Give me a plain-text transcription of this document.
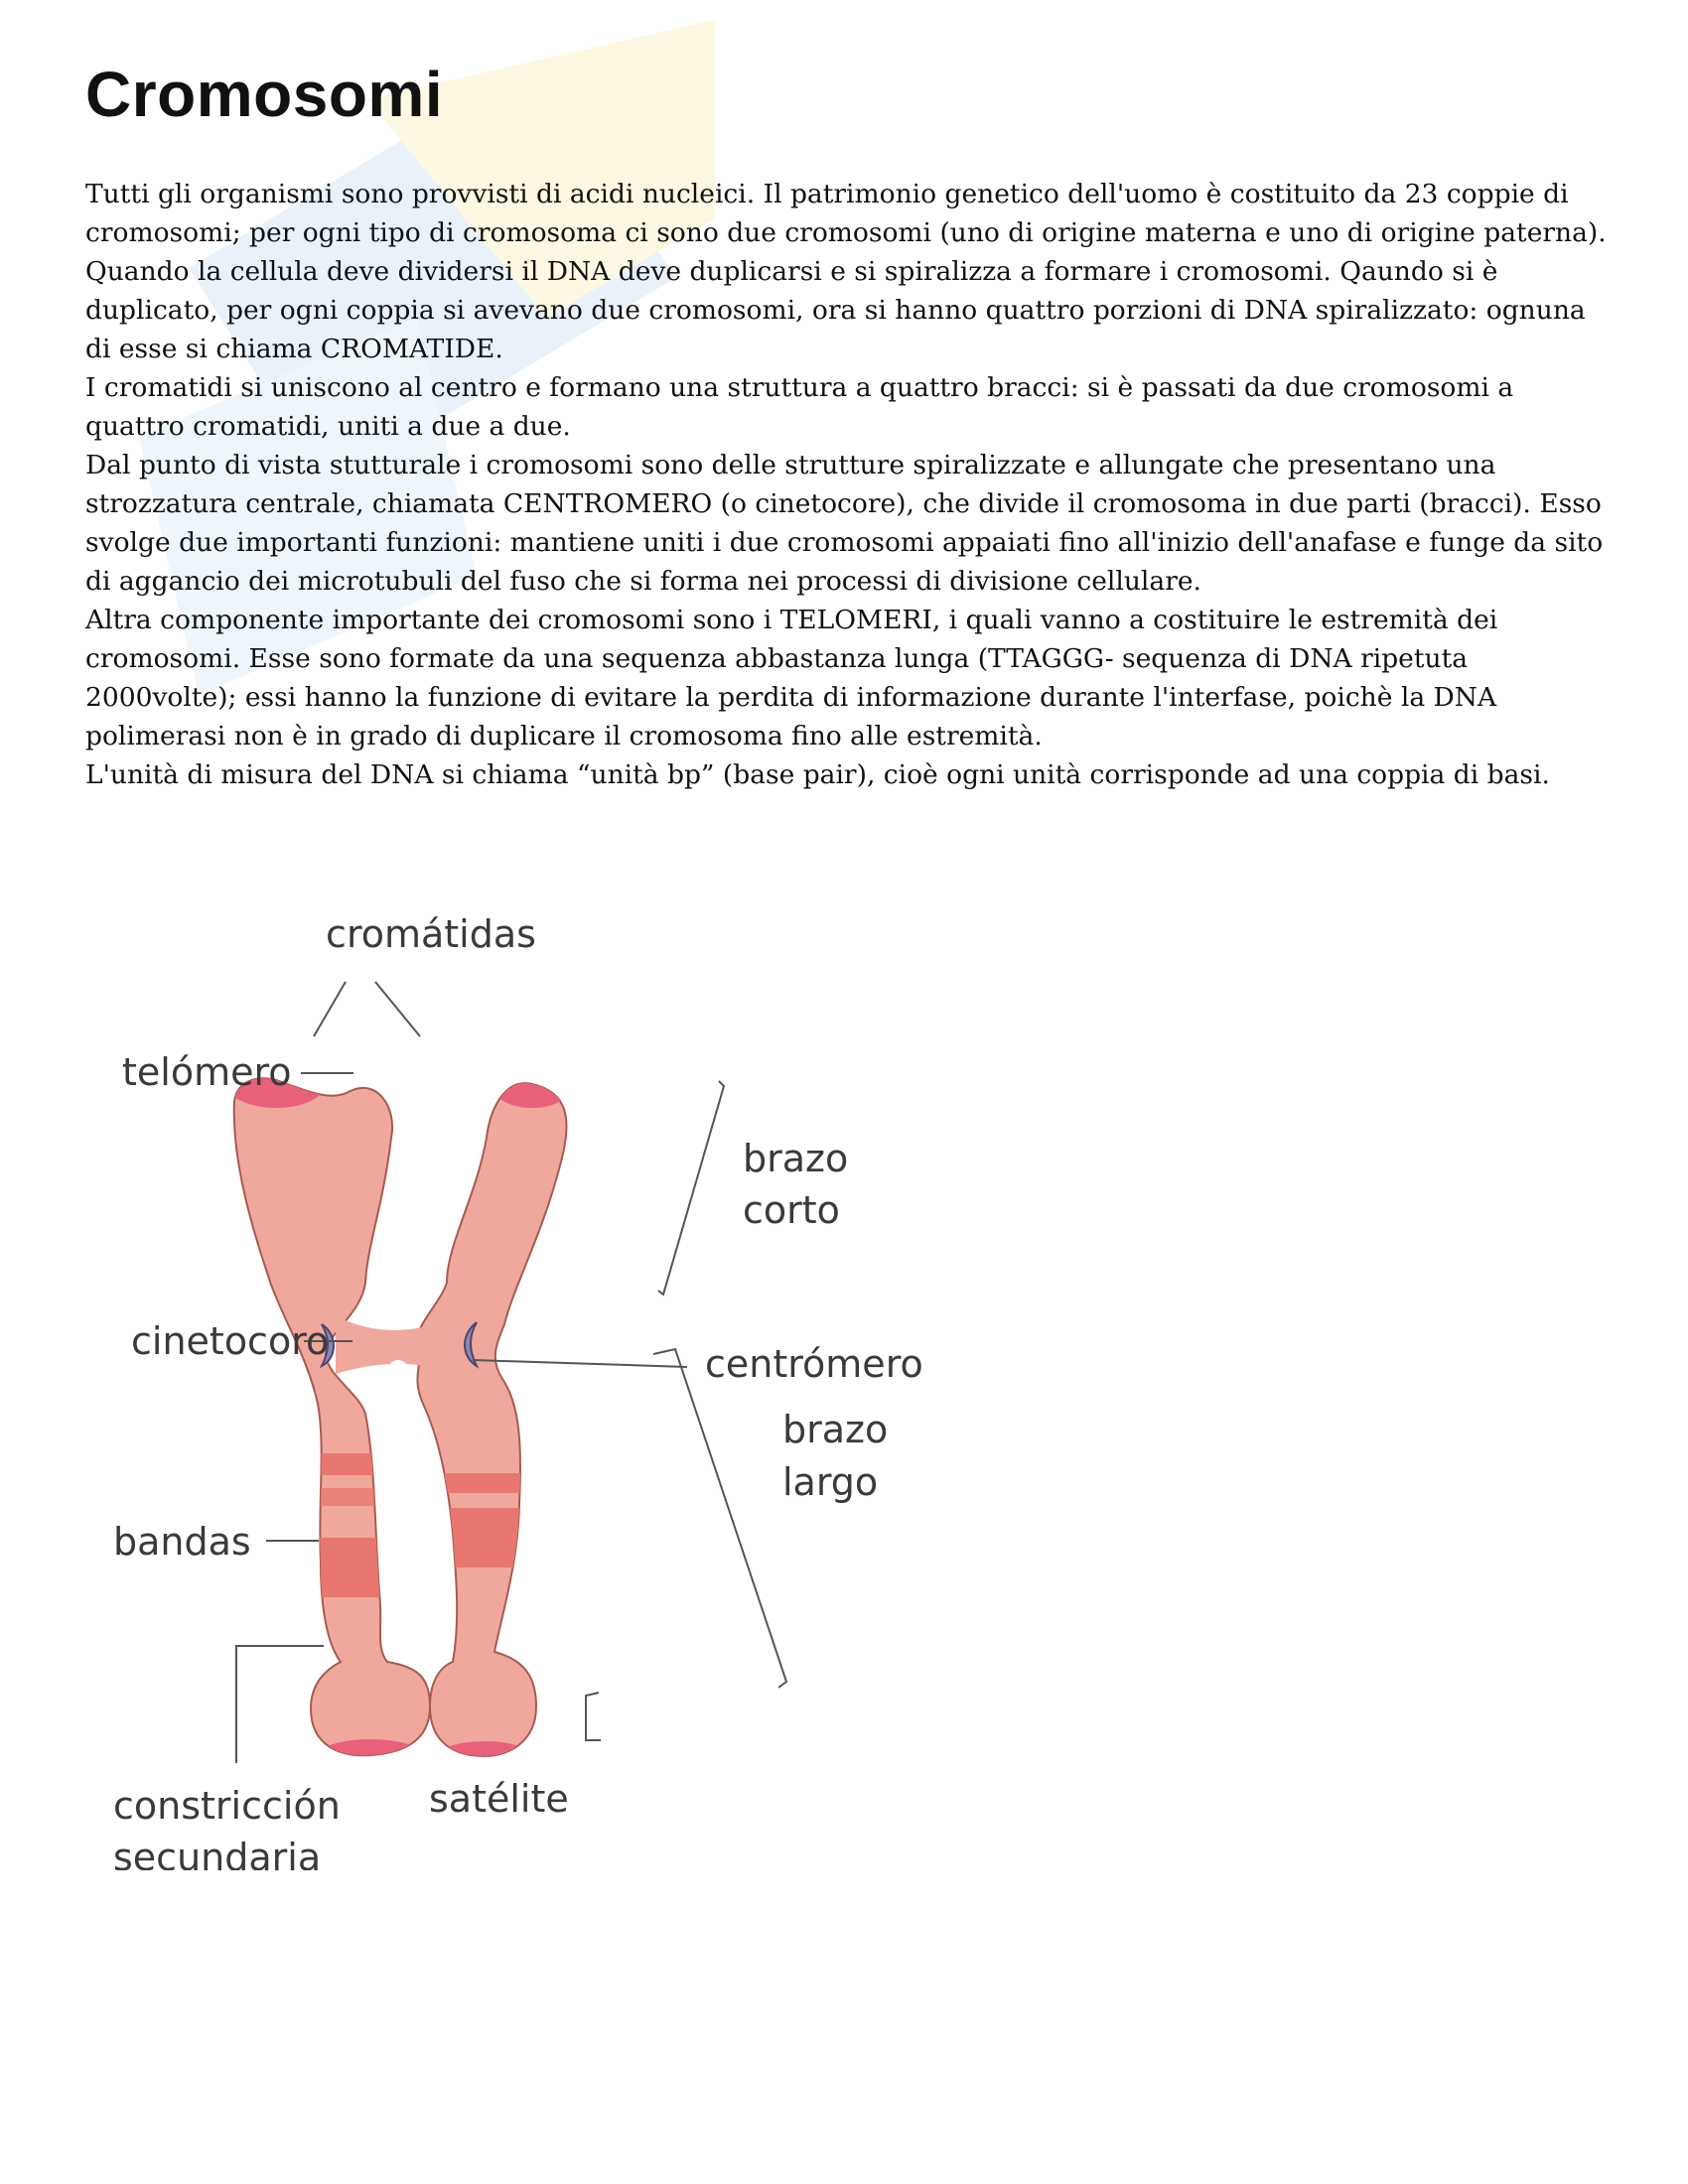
Cromosomi

Tutti gli organismi sono provvisti di acidi nucleici. Il patrimonio genetico dell'uomo è costituito da 23 coppie di cromosomi; per ogni tipo di cromosoma ci sono due cromosomi (uno di origine materna e uno di origine paterna).

Quando la cellula deve dividersi il DNA deve duplicarsi e si spiralizza a formare i cromosomi. Qaundo si è duplicato, per ogni coppia si avevano due cromosomi, ora si hanno quattro porzioni di DNA spiralizzato: ognuna di esse si chiama CROMATIDE.

I cromatidi si uniscono al centro e formano una struttura a quattro bracci: si è passati da due cromosomi a quattro cromatidi, uniti a due a due.

Dal punto di vista stutturale i cromosomi sono delle strutture spiralizzate e allungate che presentano una strozzatura centrale, chiamata CENTROMERO (o cinetocore), che divide il cromosoma in due parti (bracci). Esso svolge due importanti funzioni: mantiene uniti i due cromosomi appaiati fino all'inizio dell'anafase e funge da sito di aggancio dei microtubuli del fuso che si forma nei processi di divisione cellulare.

Altra componente importante dei cromosomi sono i TELOMERI, i quali vanno a costituire le estremità dei cromosomi. Esse sono formate da una sequenza abbastanza lunga (TTAGGG- sequenza di DNA ripetuta 2000volte); essi hanno la funzione di evitare la perdita di informazione durante l'interfase, poichè la DNA polimerasi non è in grado di duplicare il cromosoma fino alle estremità.

L'unità di misura del DNA si chiama “unità bp” (base pair), cioè ogni unità corrisponde ad una coppia di basi.

cromátidas
telómero
brazo
corto
cinetocoro
centrómero
brazo
largo
bandas
satélite
constricción
secundaria
